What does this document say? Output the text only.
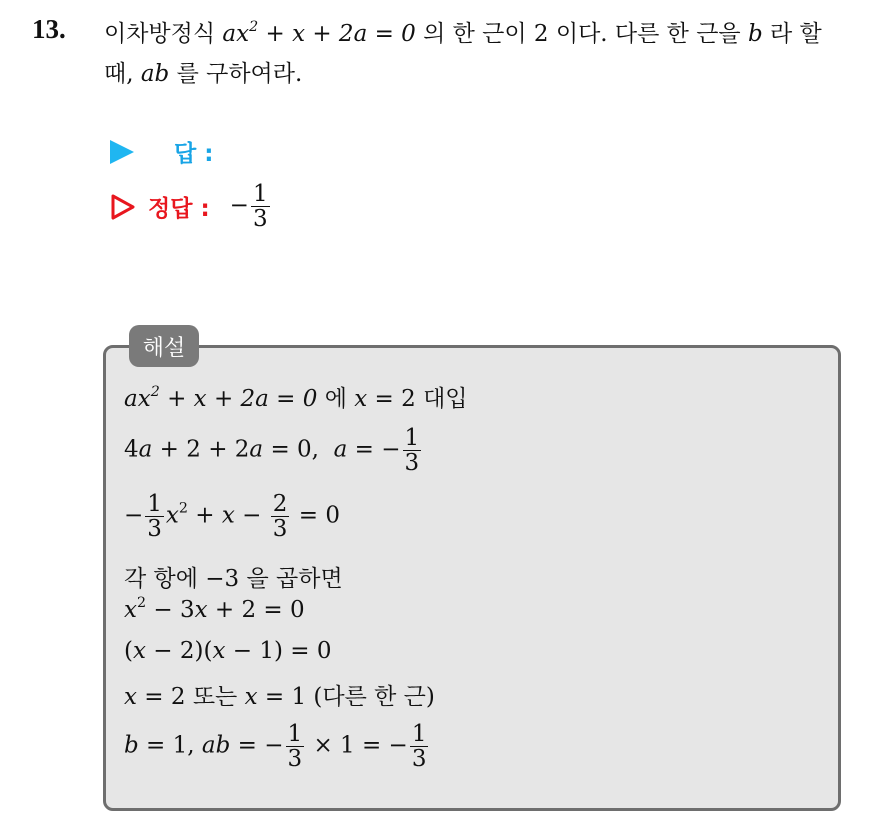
13. 이차방정식 $ax^2 + x + 2a = 0$ 의 한 근이 2 이다. 다른 한 근을 b 라 할
때, ab 를 구하여라.
답 :
정답 : − $\frac{1}{3}$
해설
$ax^2 + x + 2a = 0$ 에 x = 2 대입
4a + 2 + 2a = 0,  a = − $\frac{1}{3}$
− $\frac{1}{3} x^2 + x - \frac{2}{3} = 0$
각 항에 −3 을 곱하면
$x^2 - 3x + 2 = 0$
(x − 2)(x − 1) = 0
x = 2 또는 x = 1 (다른 한 근)
b = 1, ab = − $\frac{1}{3} \times 1$ = − $\frac{1}{3}$
